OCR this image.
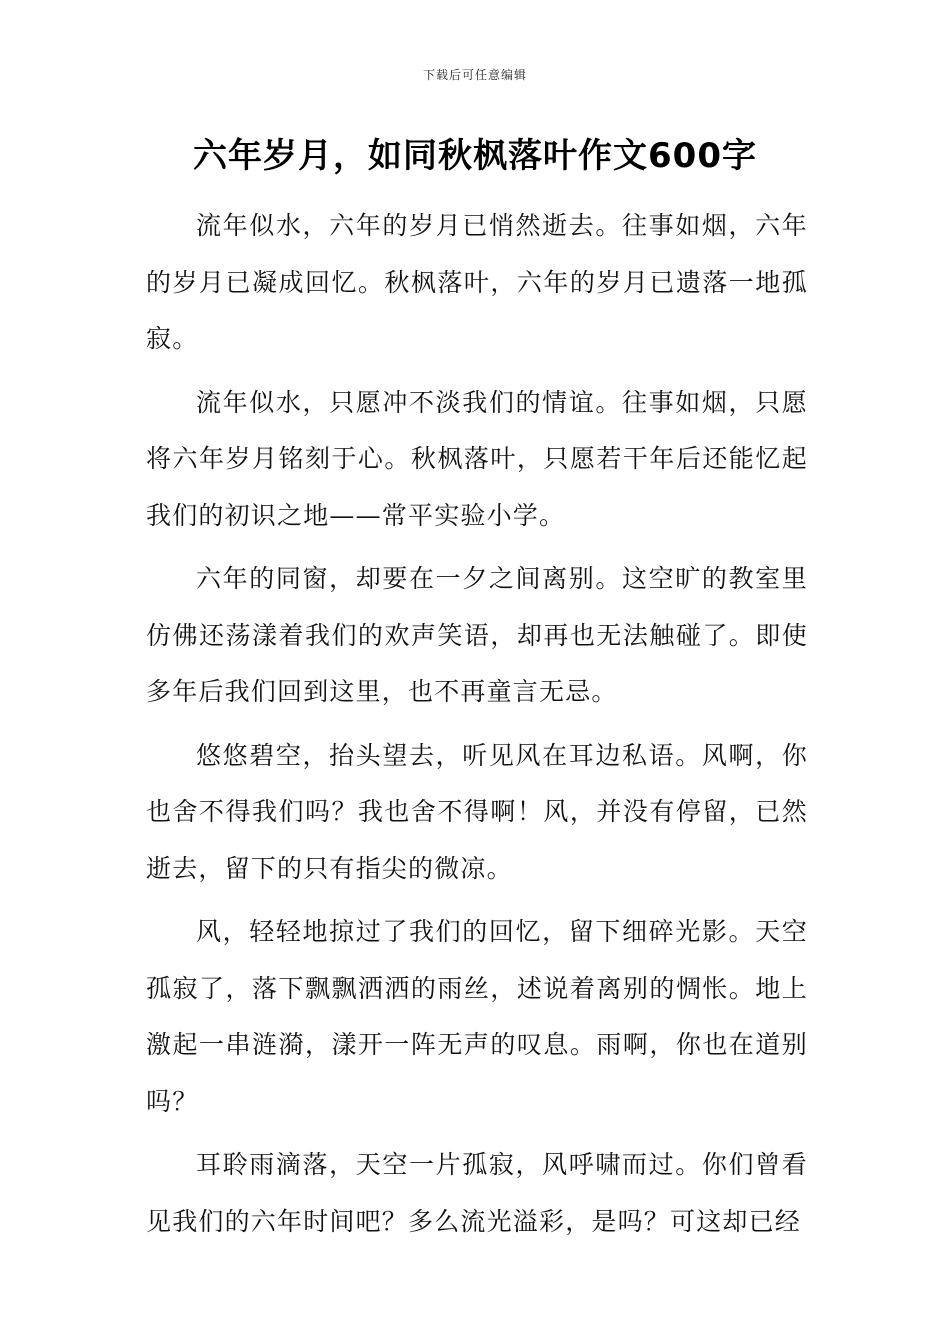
下载后可任意编辑
六年岁月，如同秋枫落叶作文600字

流年似水，六年的岁月已悄然逝去。往事如烟，六年的岁月已凝成回忆。秋枫落叶，六年的岁月已遗落一地孤寂。

流年似水，只愿冲不淡我们的情谊。往事如烟，只愿将六年岁月铭刻于心。秋枫落叶，只愿若干年后还能忆起我们的初识之地——常平实验小学。

六年的同窗，却要在一夕之间离别。这空旷的教室里仿佛还荡漾着我们的欢声笑语，却再也无法触碰了。即使多年后我们回到这里，也不再童言无忌。

悠悠碧空，抬头望去，听见风在耳边私语。风啊，你也舍不得我们吗？我也舍不得啊！风，并没有停留，已然逝去，留下的只有指尖的微凉。

风，轻轻地掠过了我们的回忆，留下细碎光影。天空孤寂了，落下飘飘洒洒的雨丝，述说着离别的惆怅。地上激起一串涟漪，漾开一阵无声的叹息。雨啊，你也在道别吗？

耳聆雨滴落，天空一片孤寂，风呼啸而过。你们曾看见我们的六年时间吧？多么流光溢彩，是吗？可这却已经
